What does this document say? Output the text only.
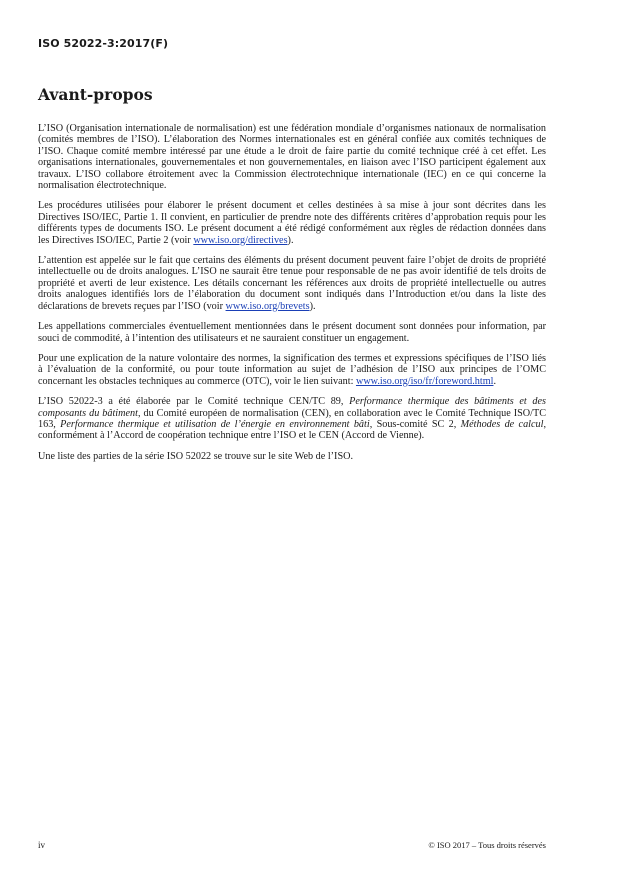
ISO 52022-3:2017(F)
Avant-propos

L’ISO (Organisation internationale de normalisation) est une fédération mondiale d’organismes nationaux de normalisation (comités membres de l’ISO). L’élaboration des Normes internationales est en général confiée aux comités techniques de l’ISO. Chaque comité membre intéressé par une étude a le droit de faire partie du comité technique créé à cet effet. Les organisations internationales, gouvernementales et non gouvernementales, en liaison avec l’ISO participent également aux travaux. L’ISO collabore étroitement avec la Commission électrotechnique internationale (IEC) en ce qui concerne la normalisation électrotechnique.

Les procédures utilisées pour élaborer le présent document et celles destinées à sa mise à jour sont décrites dans les Directives ISO/IEC, Partie 1. Il convient, en particulier de prendre note des différents critères d’approbation requis pour les différents types de documents ISO. Le présent document a été rédigé conformément aux règles de rédaction données dans les Directives ISO/IEC, Partie 2 (voir www.iso.org/directives).

L’attention est appelée sur le fait que certains des éléments du présent document peuvent faire l’objet de droits de propriété intellectuelle ou de droits analogues. L’ISO ne saurait être tenue pour responsable de ne pas avoir identifié de tels droits de propriété et averti de leur existence. Les détails concernant les références aux droits de propriété intellectuelle ou autres droits analogues identifiés lors de l’élaboration du document sont indiqués dans l’Introduction et/ou dans la liste des déclarations de brevets reçues par l’ISO (voir www.iso.org/brevets).

Les appellations commerciales éventuellement mentionnées dans le présent document sont données pour information, par souci de commodité, à l’intention des utilisateurs et ne sauraient constituer un engagement.

Pour une explication de la nature volontaire des normes, la signification des termes et expressions spécifiques de l’ISO liés à l’évaluation de la conformité, ou pour toute information au sujet de l’adhésion de l’ISO aux principes de l’OMC concernant les obstacles techniques au commerce (OTC), voir le lien suivant: www.iso.org/iso/fr/foreword.html.

L’ISO 52022-3 a été élaborée par le Comité technique CEN/TC 89, Performance thermique des bâtiments et des composants du bâtiment, du Comité européen de normalisation (CEN), en collaboration avec le Comité Technique ISO/TC 163, Performance thermique et utilisation de l’énergie en environnement bâti, Sous-comité SC 2, Méthodes de calcul, conformément à l’Accord de coopération technique entre l’ISO et le CEN (Accord de Vienne).

Une liste des parties de la série ISO 52022 se trouve sur le site Web de l’ISO.

iv	© ISO 2017 – Tous droits réservés
